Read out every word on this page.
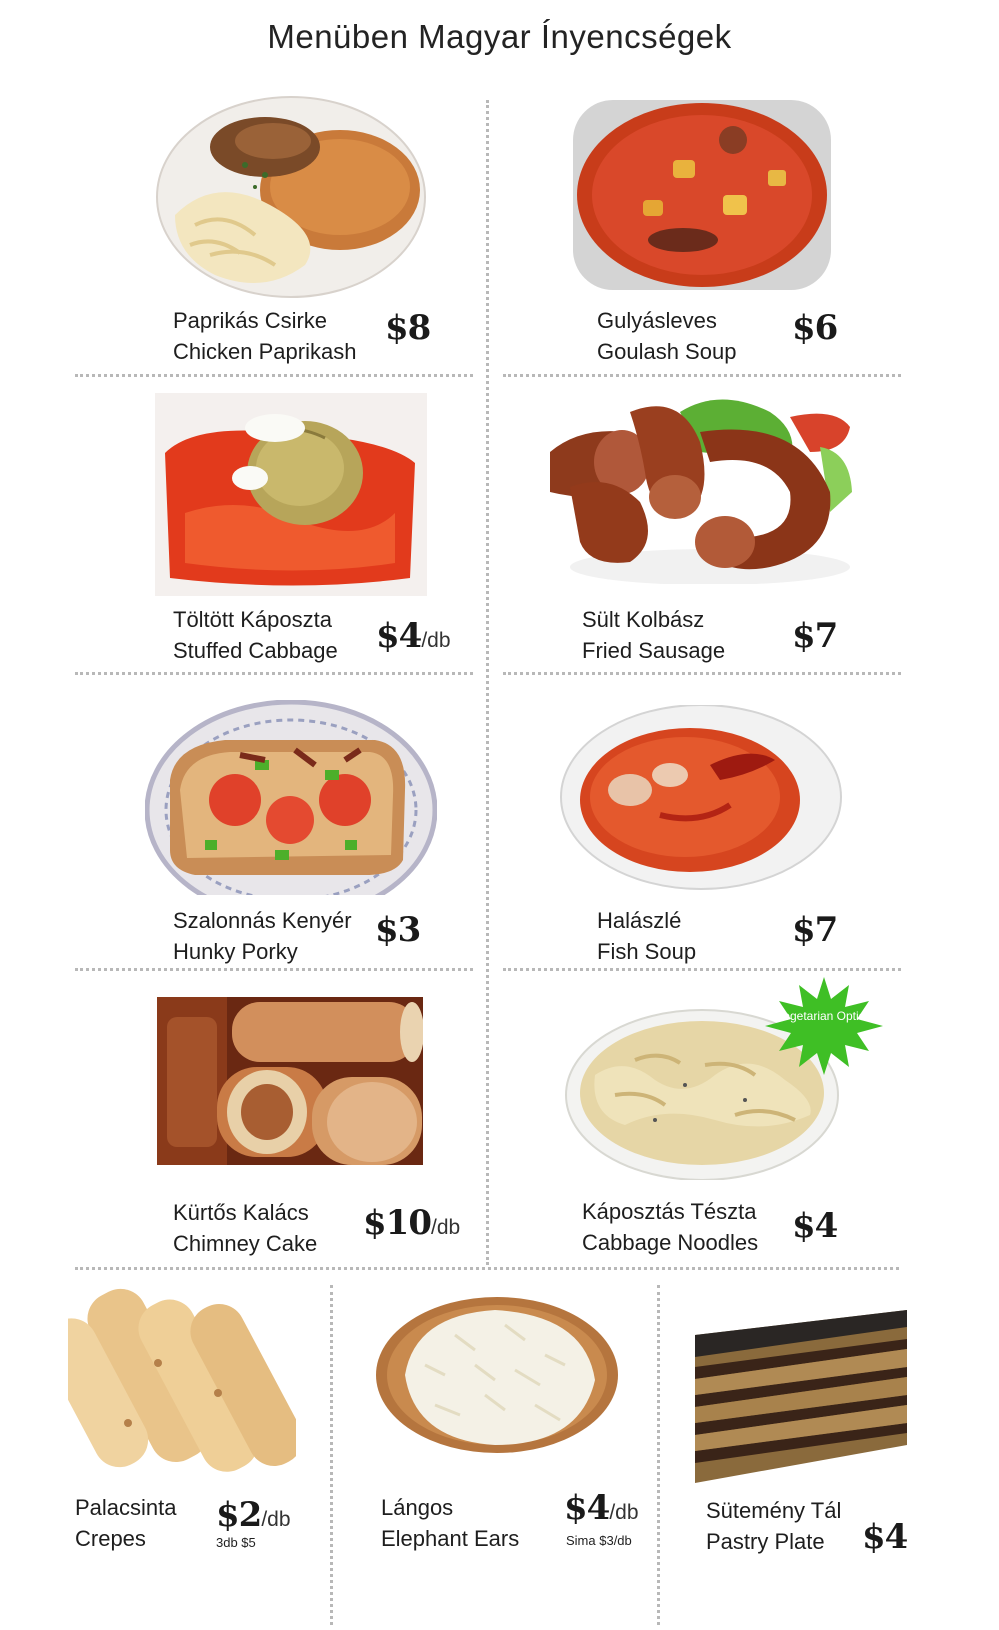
Menüben Magyar Ínyencségek
Paprikás Csirke
Chicken Paprikash
$8	Gulyásleves
Goulash Soup
$6
Töltött Káposzta
Stuffed Cabbage $4/db
Sült Kolbász
Fried Sausage $7
Szalonnás Kenyér
Hunky Porky
$3	Halászlé
Fish Soup
$7
Kürtős Kalács
Chimney Cake
$10/db
Vegetarian Option
Káposztás Tészta
Cabbage Noodles $4
Palacsinta
Crepes
$2/db
3db $5
Lángos
Elephant Ears
$4/db
Sima $3/db
Sütemény Tál
Pastry Plate	$4
